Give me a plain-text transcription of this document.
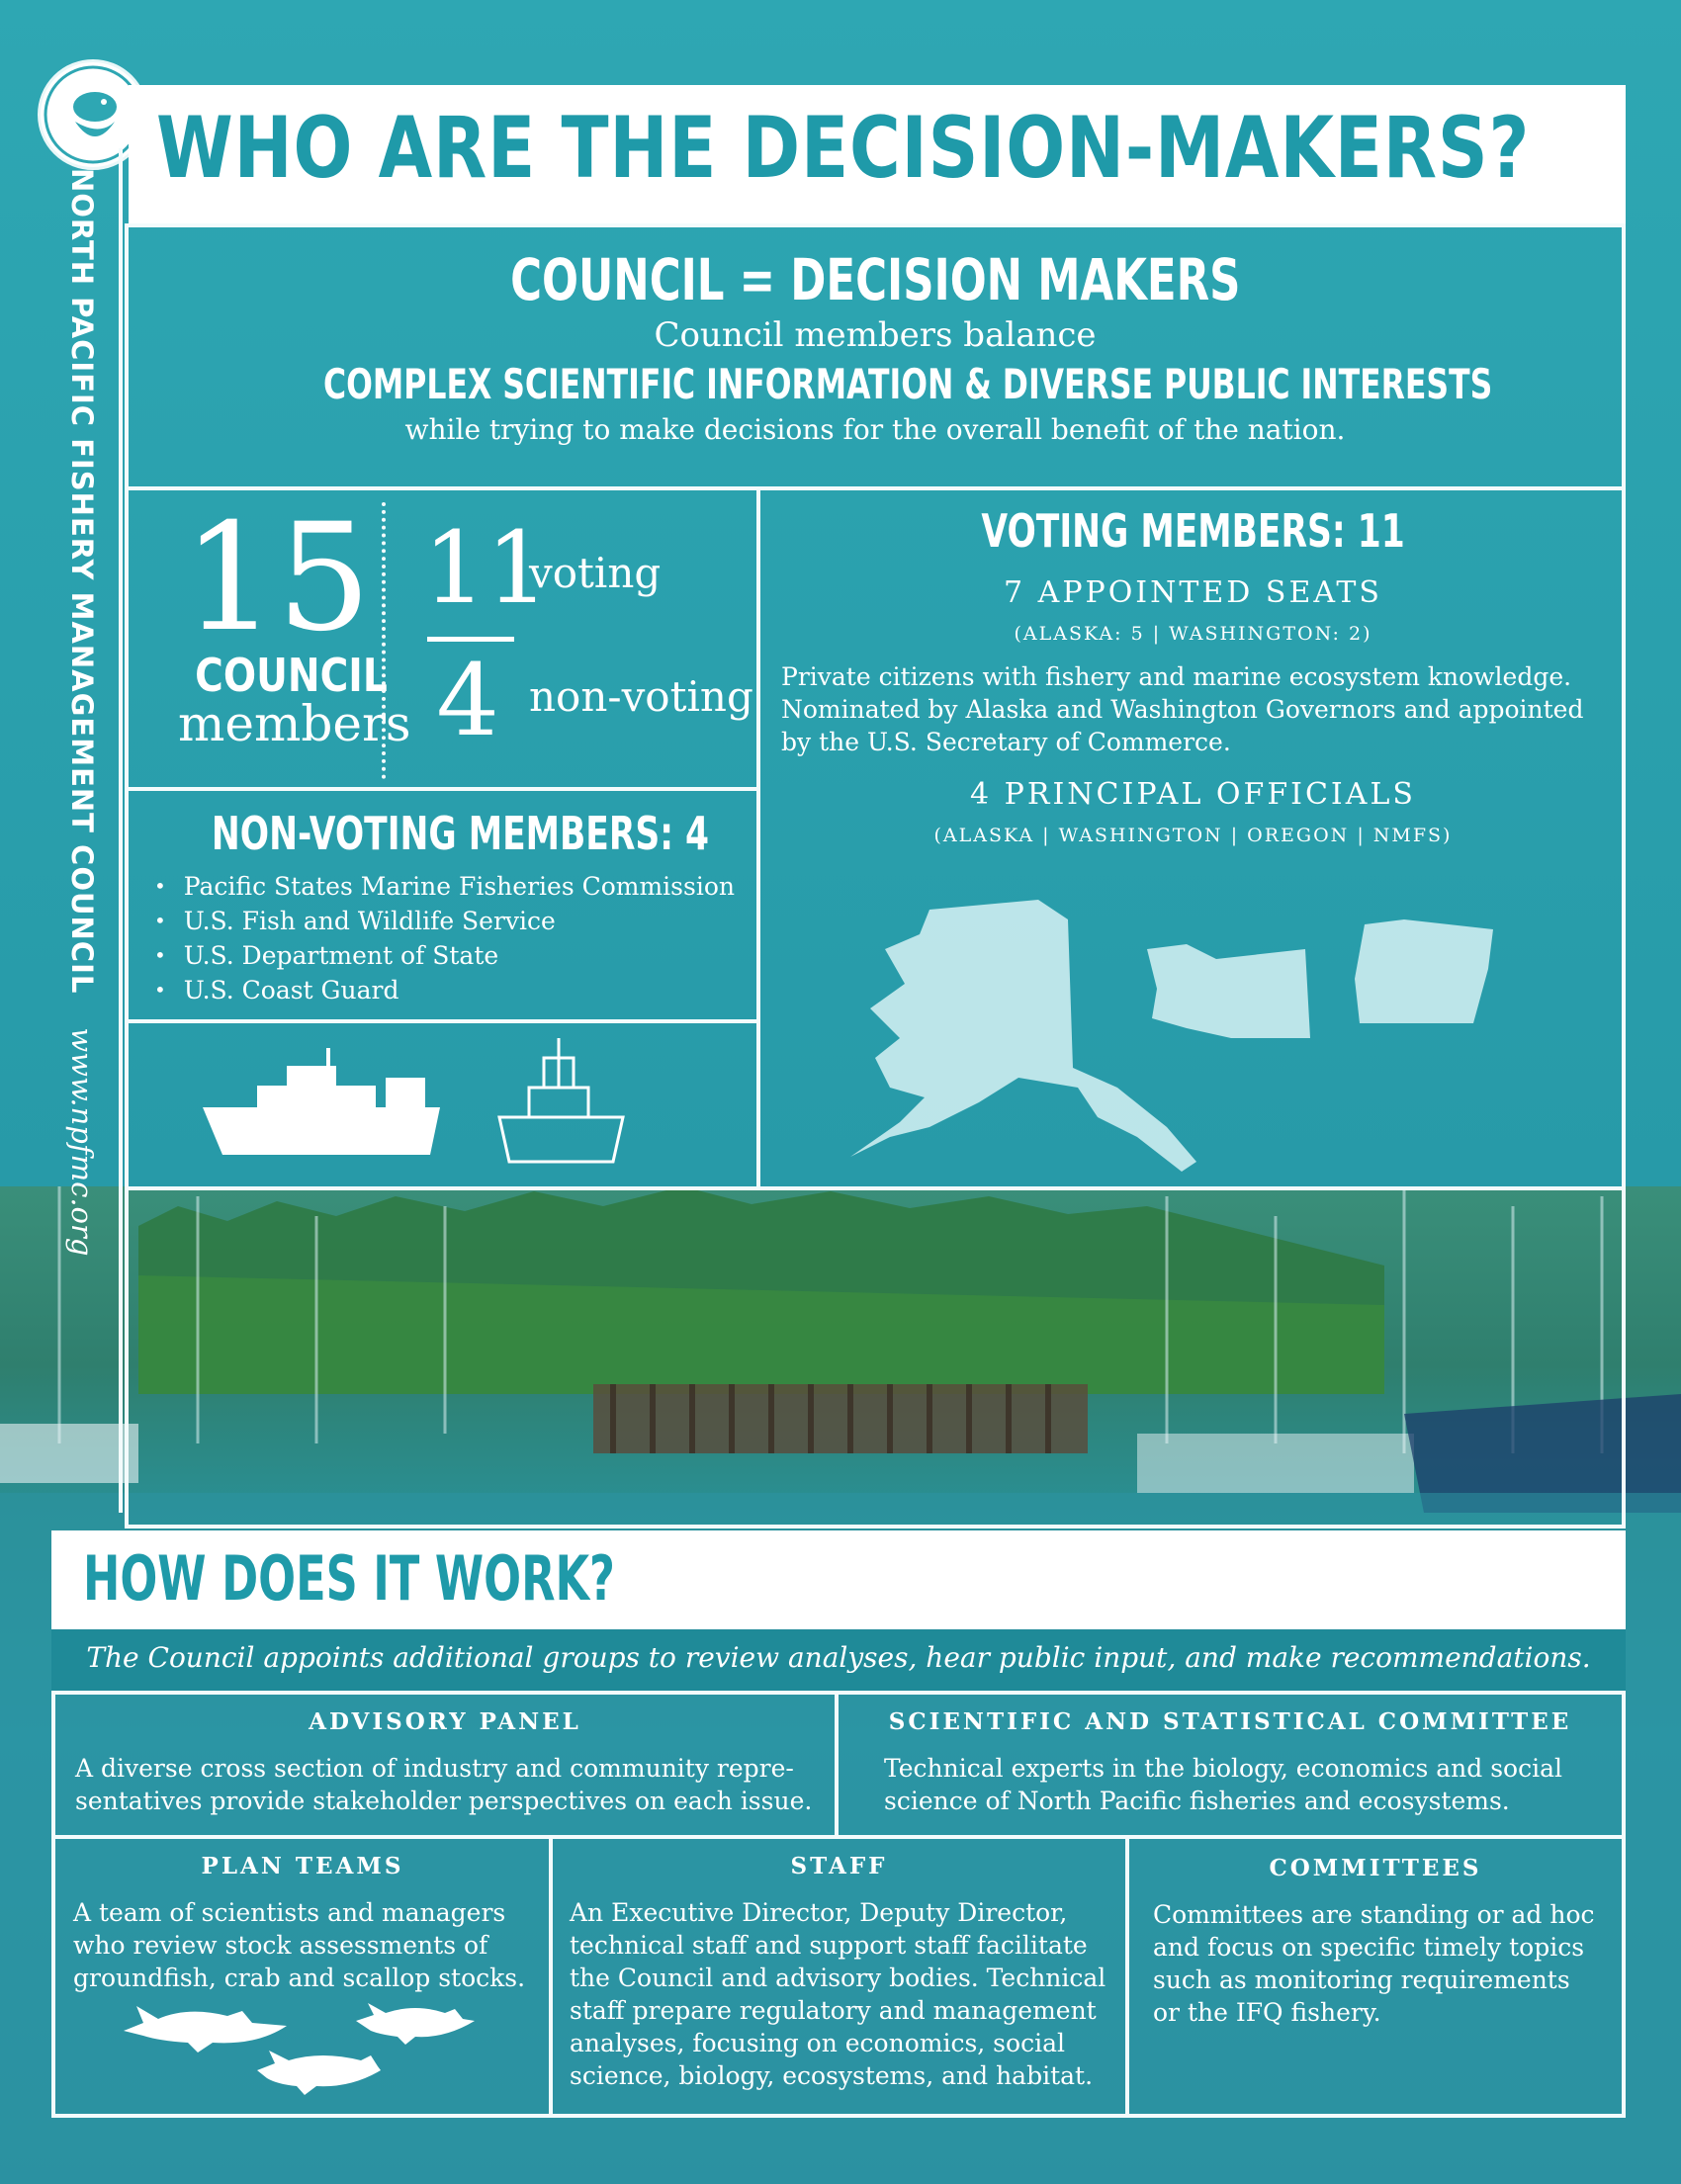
NORTH PACIFIC FISHERY MANAGEMENT COUNCILwww.npfmc.org
WHO ARE THE DECISION-MAKERS?
COUNCIL = DECISION MAKERS
Council members balance
COMPLEX SCIENTIFIC INFORMATION & DIVERSE PUBLIC INTERESTS
while trying to make decisions for the overall benefit of the nation.
15
COUNCIL
members
11
4
voting
non-voting
NON-VOTING MEMBERS: 4
• Pacific States Marine Fisheries Commission
• U.S. Fish and Wildlife Service
• U.S. Department of State
• U.S. Coast Guard
VOTING MEMBERS: 11
7 APPOINTED SEATS
(ALASKA: 5 | WASHINGTON: 2)
Private citizens with fishery and marine ecosystem knowledge. Nominated by Alaska and Washington Governors and appointed by the U.S. Secretary of Commerce.
4 PRINCIPAL OFFICIALS
(ALASKA | WASHINGTON | OREGON | NMFS)
HOW DOES IT WORK?
The Council appoints additional groups to review analyses, hear public input, and make recommendations.
ADVISORY PANEL
A diverse cross section of industry and community repre-
sentatives provide stakeholder perspectives on each issue.
SCIENTIFIC AND STATISTICAL COMMITTEE
Technical experts in the biology, economics and social
science of North Pacific fisheries and ecosystems.
PLAN TEAMS
A team of scientists and managers
who review stock assessments of
groundfish, crab and scallop stocks.
STAFF
An Executive Director, Deputy Director,
technical staff and support staff facilitate
the Council and advisory bodies. Technical
staff prepare regulatory and management
analyses, focusing on economics, social
science, biology, ecosystems, and habitat.
COMMITTEES
Committees are standing or ad hoc
and focus on specific timely topics
such as monitoring requirements
or the IFQ fishery.
